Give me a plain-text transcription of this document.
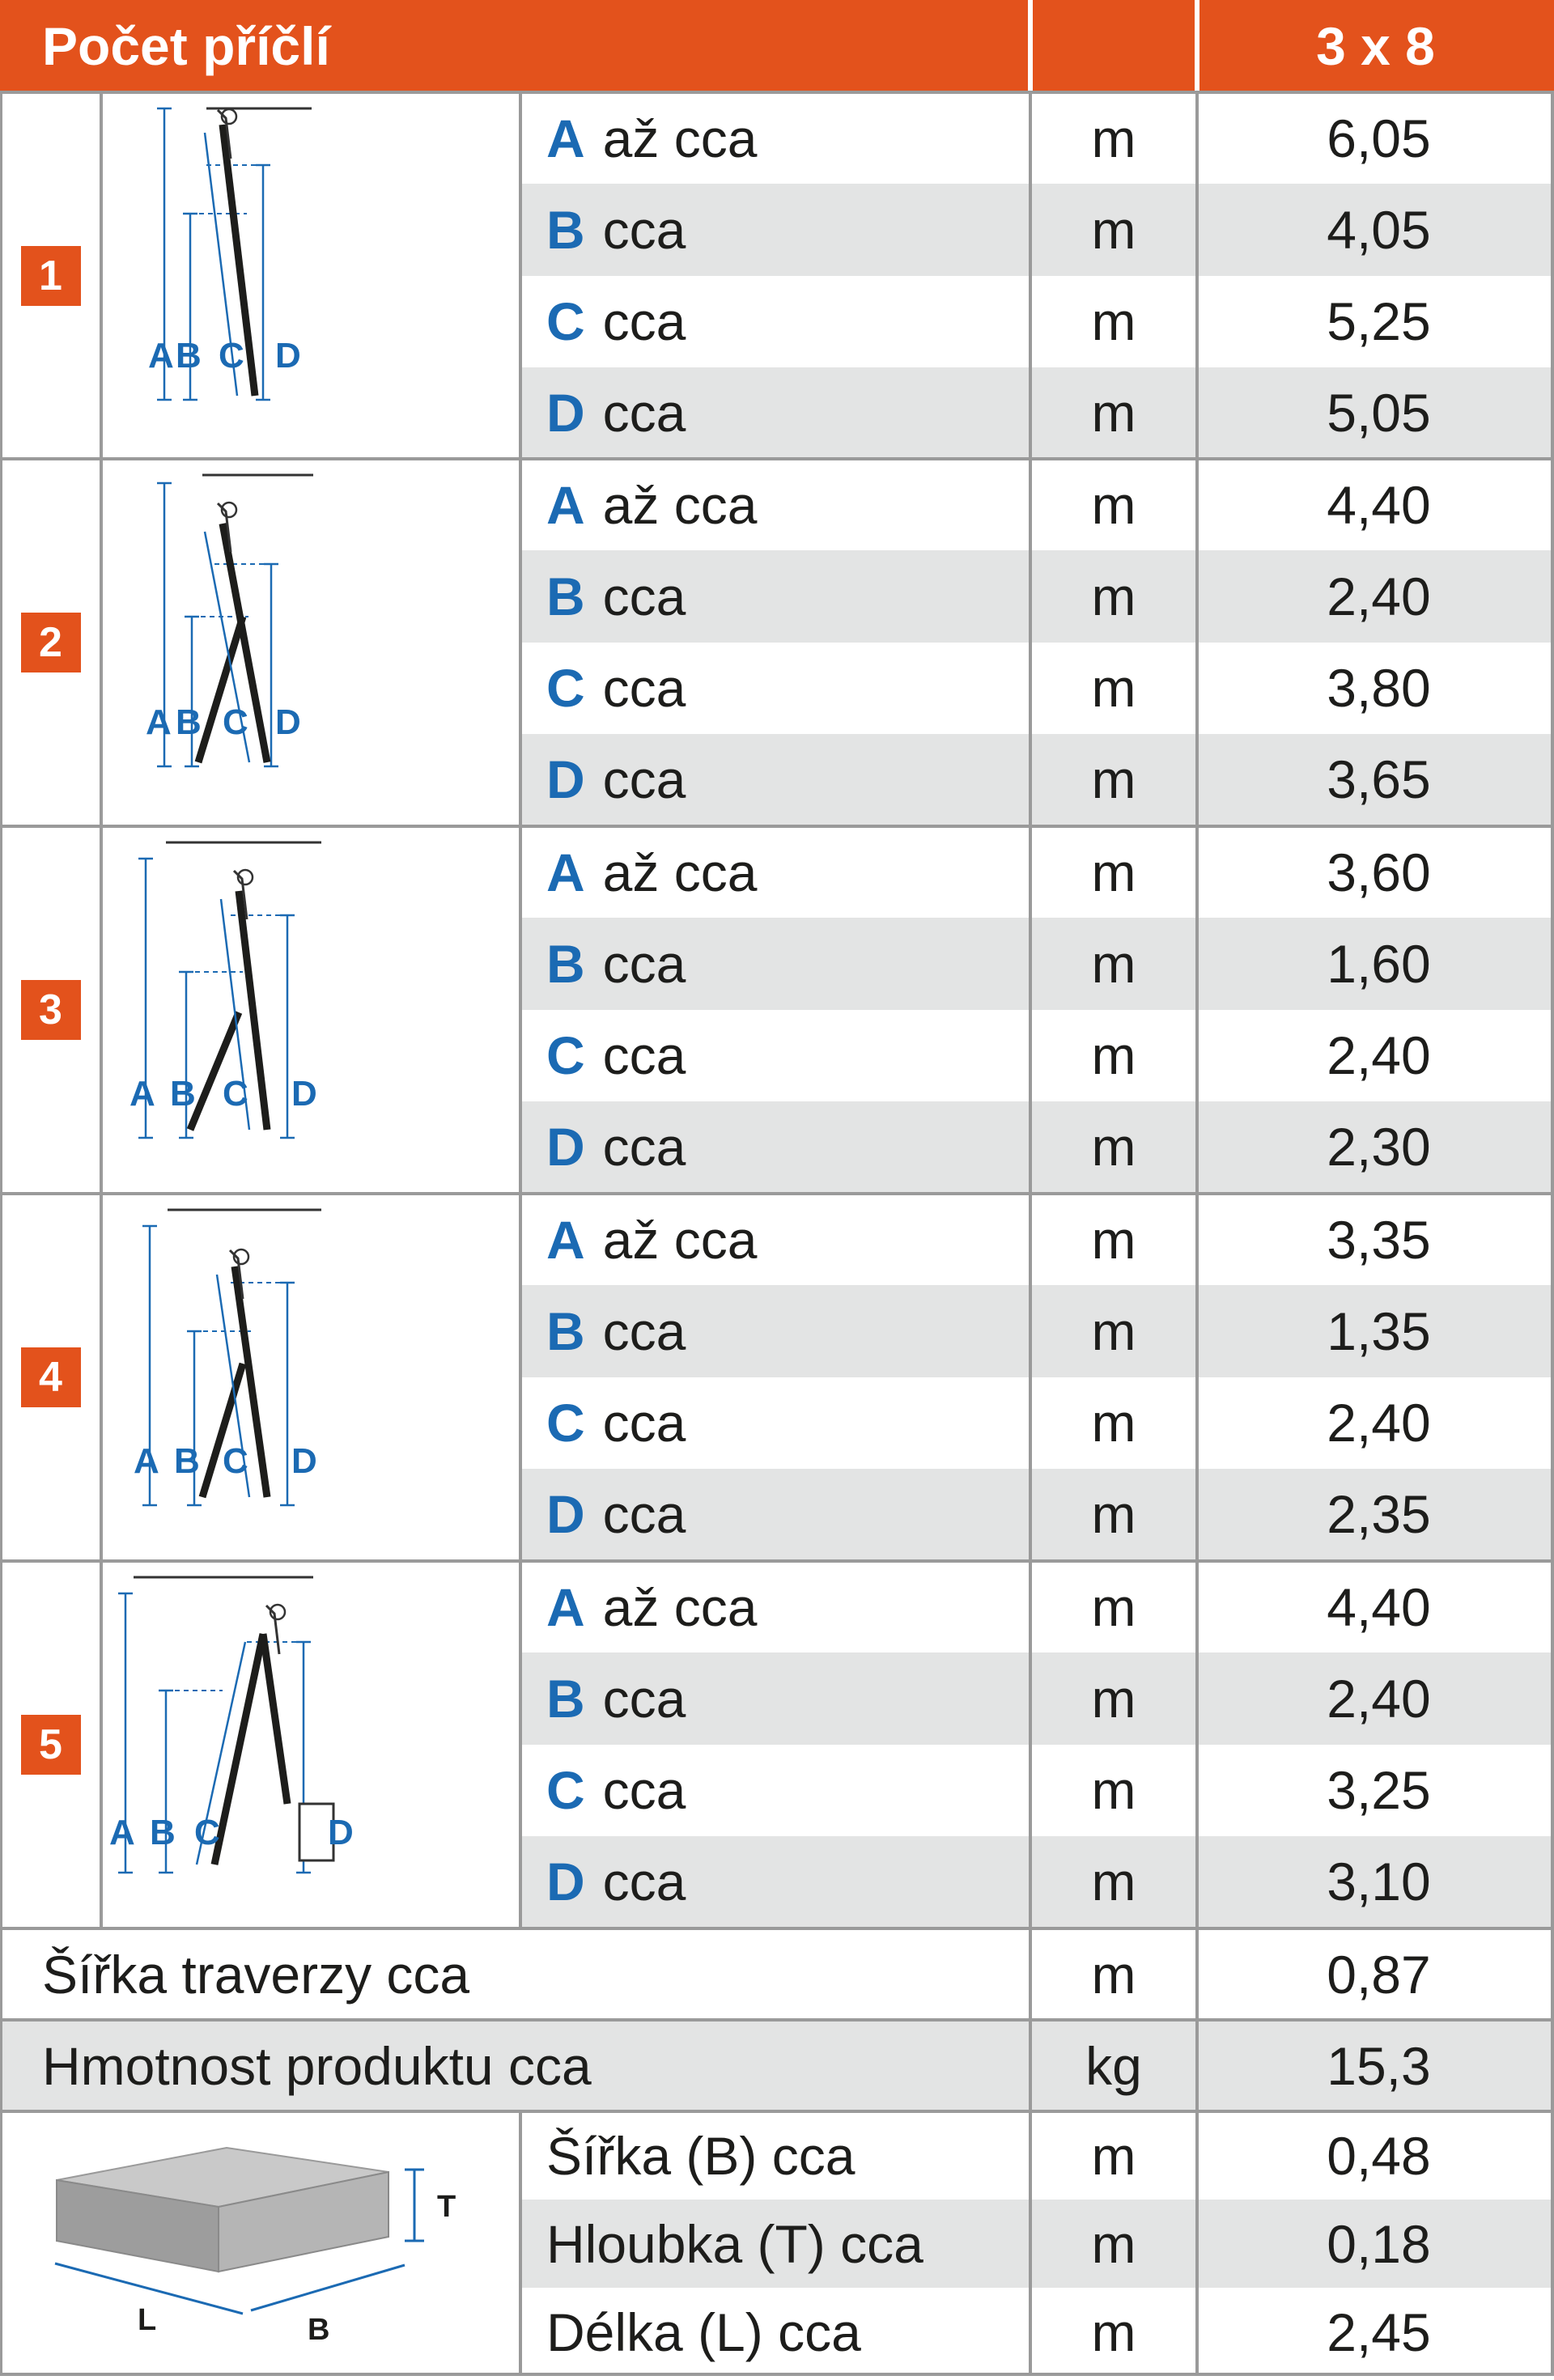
Počet příčlí	3 x 8
1
A B C D
A až cca	m	6,05
B cca	m	4,05
C cca	m	5,25
D cca	m	5,05
2
A B C D
A až cca	m	4,40
B cca	m	2,40
C cca	m	3,80
D cca	m	3,65
3
A B C D
A až cca	m	3,60
B cca	m	1,60
C cca	m	2,40
D cca	m	2,30
4
A B C D
A až cca	m	3,35
B cca	m	1,35
C cca	m	2,40
D cca	m	2,35
5
A B C	D
A až cca	m	4,40
B cca	m	2,40
C cca	m	3,25
D cca	m	3,10
Šířka traverzy cca	m	0,87
Hmotnost produktu cca	kg	15,3
T
L	B
Šířka (B) cca	m	0,48
Hloubka (T) cca	m	0,18
Délka (L) cca	m	2,45
